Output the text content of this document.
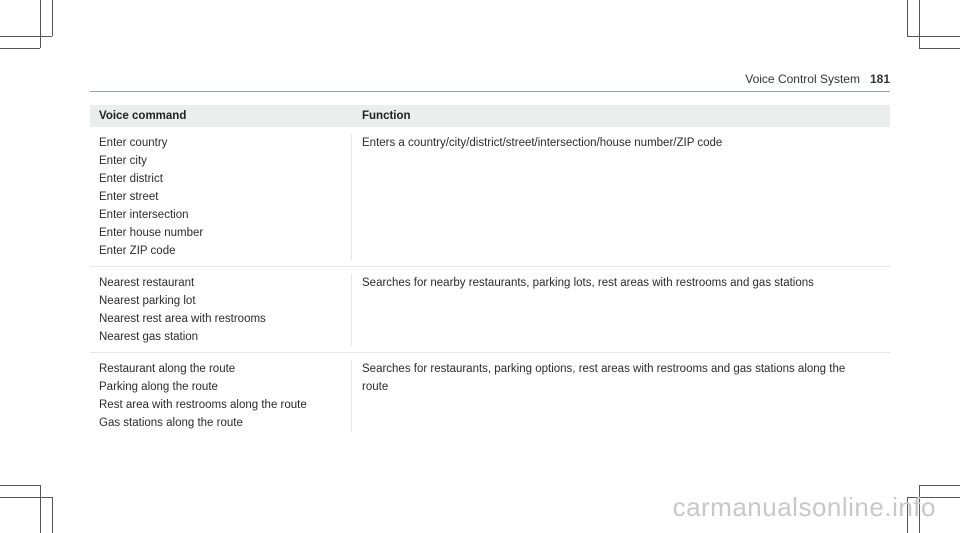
Voice Control System 181
Voice command	Function
Enter country
Enter city
Enter district
Enter street
Enter intersection
Enter house number
Enter ZIP code
Enters a country/city/district/street/intersection/house number/ZIP code
Nearest restaurant
Nearest parking lot
Nearest rest area with restrooms
Nearest gas station
Searches for nearby restaurants, parking lots, rest areas with restrooms and gas stations
Restaurant along the route
Parking along the route
Rest area with restrooms along the route
Gas stations along the route
Searches for restaurants, parking options, rest areas with restrooms and gas stations along the route
carmanualsonline.info
